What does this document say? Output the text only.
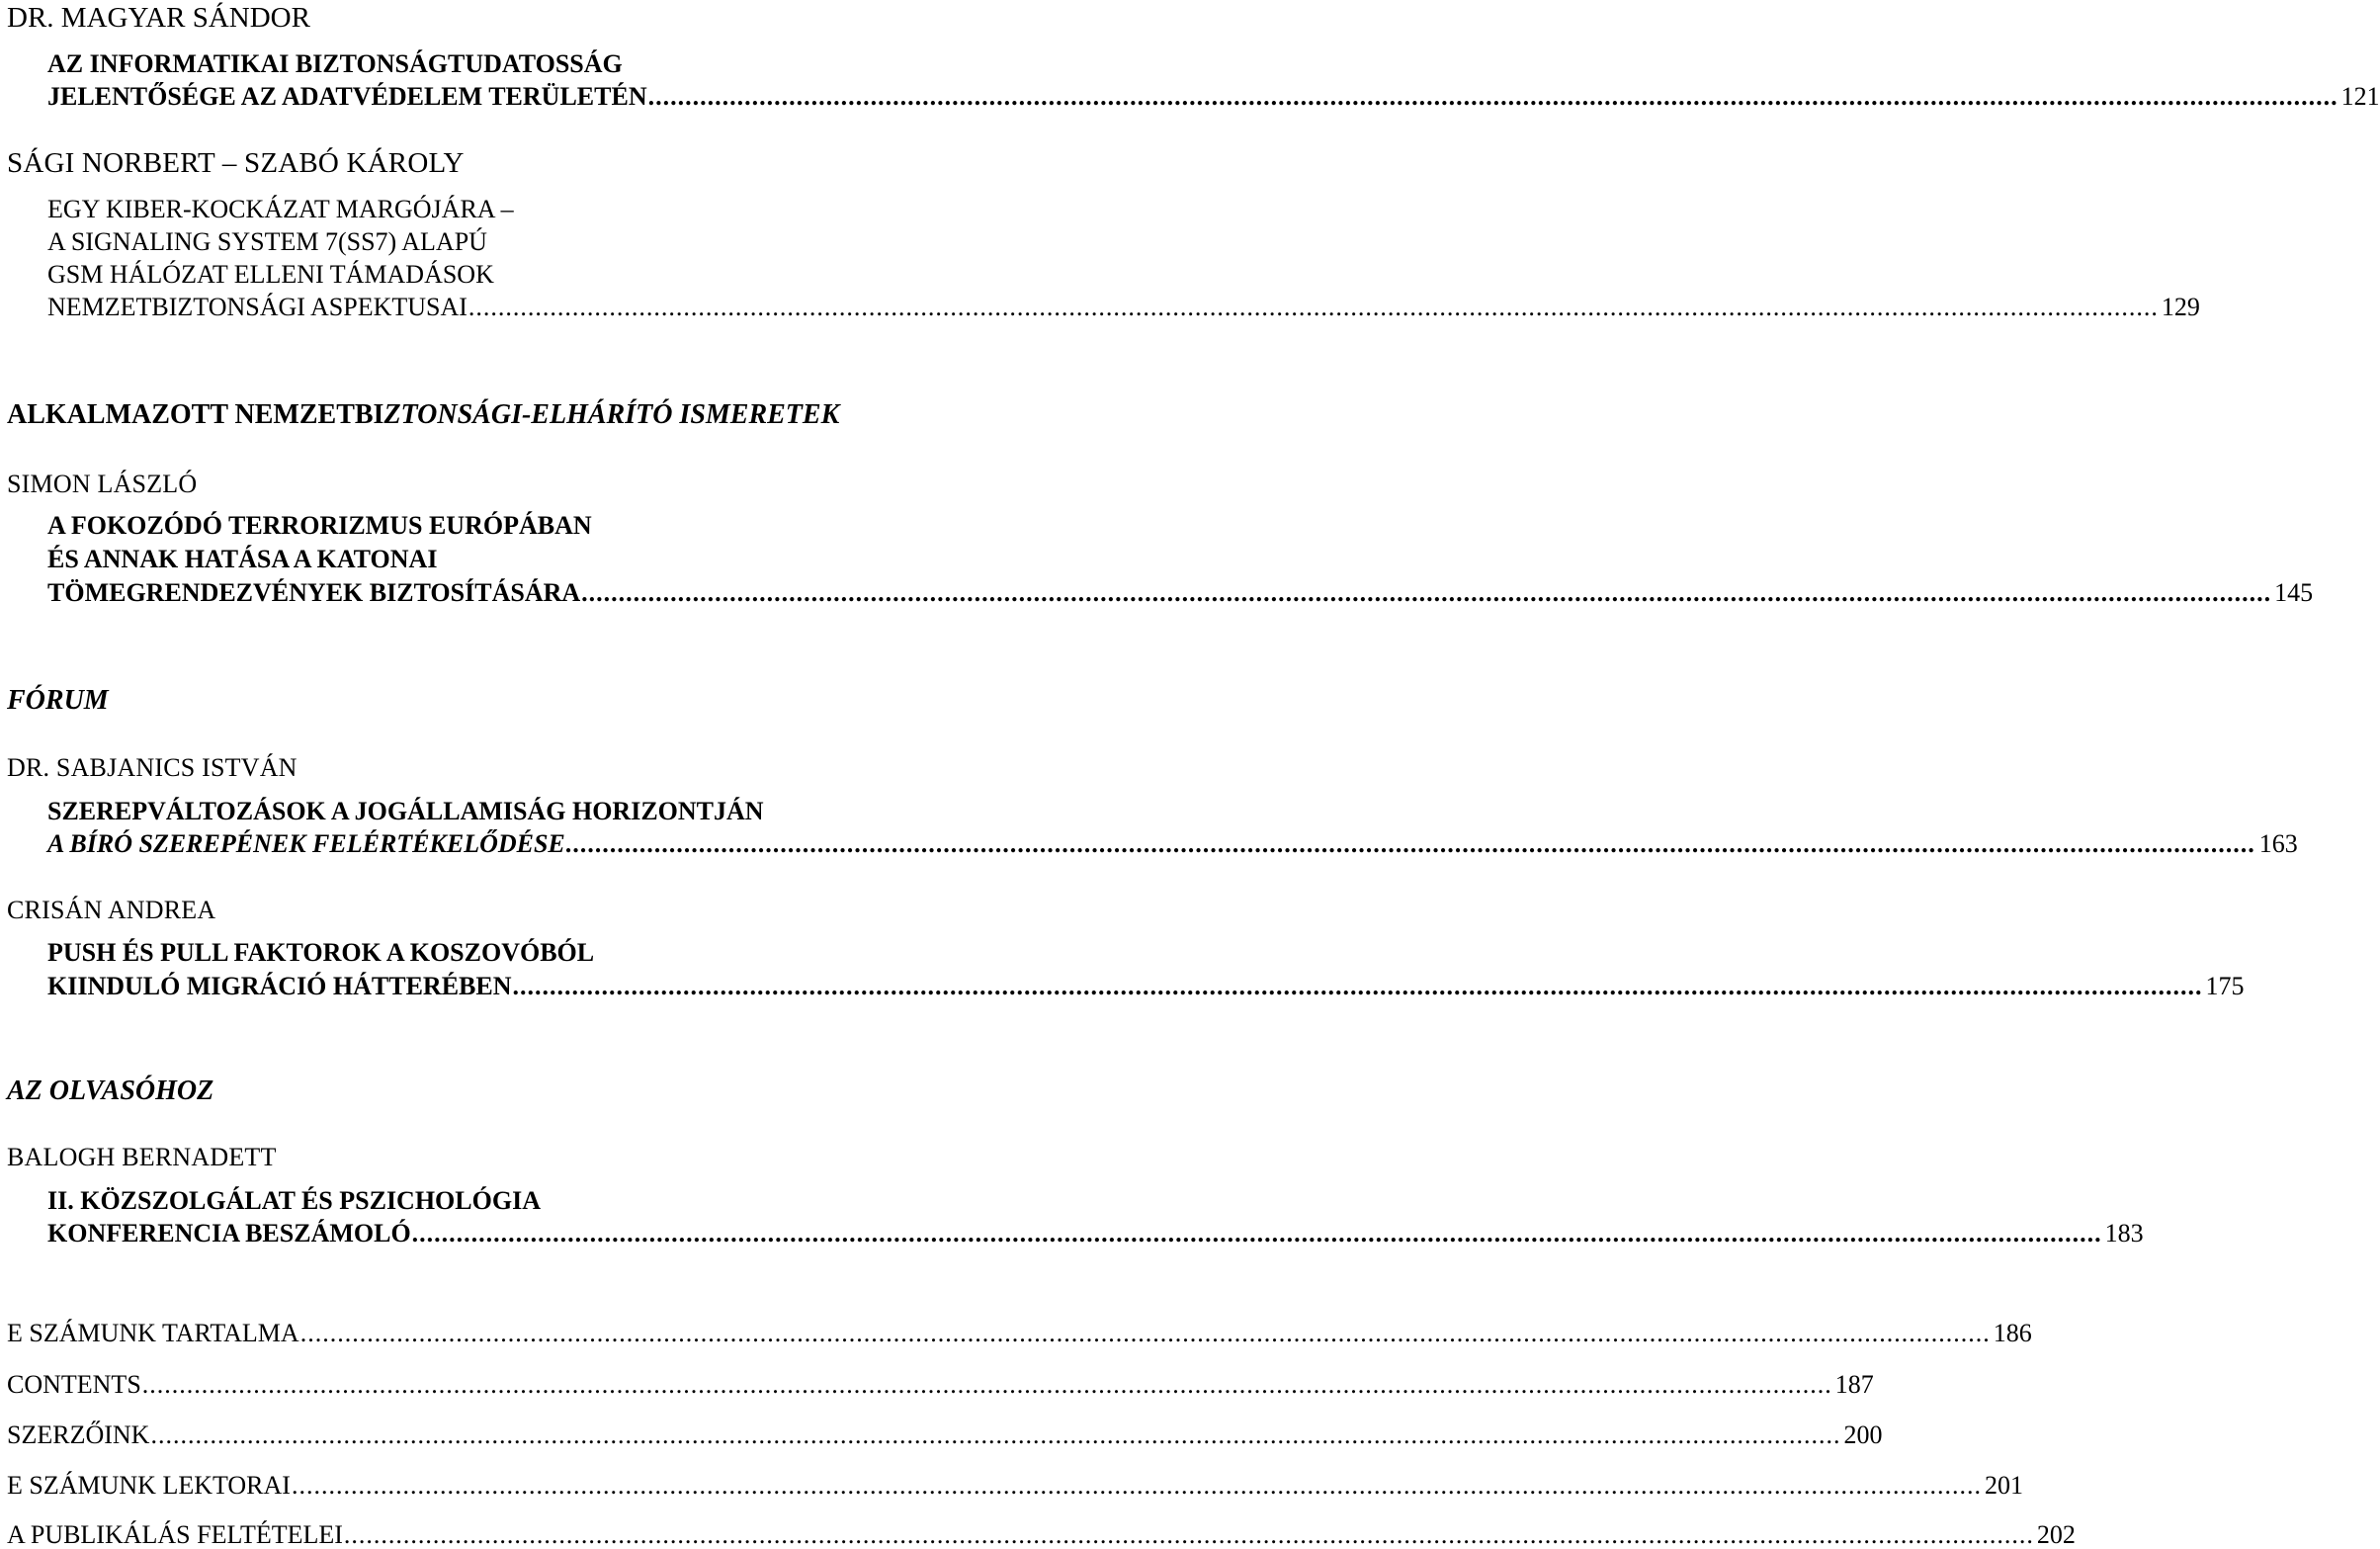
DR. MAGYAR SÁNDOR
AZ INFORMATIKAI BIZTONSÁGTUDATOSSÁG
JELENTŐSÉGE AZ ADATVÉDELEM TERÜLETÉN .................................................................................................................................................................................................................................... 121
SÁGI NORBERT – SZABÓ KÁROLY
EGY KIBER-KOCKÁZAT MARGÓJÁRA –
A SIGNALING SYSTEM 7(SS7) ALAPÚ
GSM HÁLÓZAT ELLENI TÁMADÁSOK
NEMZETBIZTONSÁGI ASPEKTUSAI .................................................................................................................................................................................................................................... 129
ALKALMAZOTT NEMZETBIZTONSÁGI-ELHÁRÍTÓ ISMERETEK
SIMON LÁSZLÓ
A FOKOZÓDÓ TERRORIZMUS EURÓPÁBAN
ÉS ANNAK HATÁSA A KATONAI
TÖMEGRENDEZVÉNYEK BIZTOSÍTÁSÁRA .................................................................................................................................................................................................................................... 145
FÓRUM
DR. SABJANICS ISTVÁN
SZEREPVÁLTOZÁSOK A JOGÁLLAMISÁG HORIZONTJÁN
A BÍRÓ SZEREPÉNEK FELÉRTÉKELŐDÉSE .................................................................................................................................................................................................................................... 163
CRISÁN ANDREA
PUSH ÉS PULL FAKTOROK A KOSZOVÓBÓL
KIINDULÓ MIGRÁCIÓ HÁTTERÉBEN .................................................................................................................................................................................................................................... 175
AZ OLVASÓHOZ
BALOGH BERNADETT
II. KÖZSZOLGÁLAT ÉS PSZICHOLÓGIA
KONFERENCIA BESZÁMOLÓ .................................................................................................................................................................................................................................... 183
E SZÁMUNK TARTALMA .................................................................................................................................................................................................................................... 186
CONTENTS .................................................................................................................................................................................................................................... 187
SZERZŐINK .................................................................................................................................................................................................................................... 200
E SZÁMUNK LEKTORAI .................................................................................................................................................................................................................................... 201
A PUBLIKÁLÁS FELTÉTELEI .................................................................................................................................................................................................................................... 202
